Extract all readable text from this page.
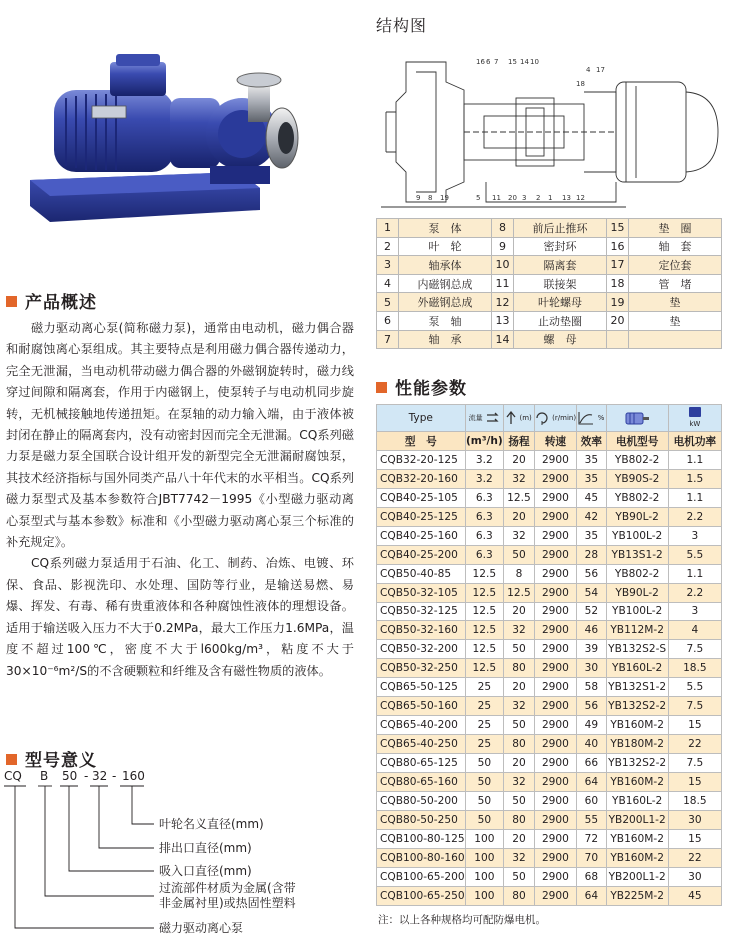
结构图
16 6 7 15 14 10
4 17
18
9 8 19	5 11 20 3 2 1 13 12
1	泵　体	8	前后止推环	15	垫　圈
2	叶　轮	9	密封环	16	轴　套
3	轴承体	10	隔离套	17	定位套
4	内磁钢总成	11	联接架	18	管　堵
5	外磁钢总成	12	叶轮螺母	19	垫
6	泵　轴	13	止动垫圈	20	垫
7	轴　承	14	螺　母		
产品概述

磁力驱动离心泵(简称磁力泵)，通常由电动机，磁力偶合器和耐腐蚀离心泵组成。其主要特点是利用磁力偶合器传递动力，完全无泄漏，当电动机带动磁力偶合器的外磁钢旋转时，磁力线穿过间隙和隔离套，作用于内磁钢上，使泵转子与电动机同步旋转，无机械接触地传递扭矩。在泵轴的动力输入端，由于液体被封闭在静止的隔离套内，没有动密封因而完全无泄漏。CQ系列磁力泵是磁力泵全国联合设计组开发的新型完全无泄漏耐腐蚀泵，其技术经济指标与国外同类产品八十年代末的水平相当。CQ系列磁力泵型式及基本参数符合JBT7742－1995《小型磁力驱动离心泵型式与基本参数》标准和《小型磁力驱动离心泵三个标准的补充规定》。

CQ系列磁力泵适用于石油、化工、制药、冶炼、电镀、环保、食品、影视洗印、水处理、国防等行业，是输送易燃、易爆、挥发、有毒、稀有贵重液体和各种腐蚀性液体的理想设备。适用于输送吸入压力不大于0.2MPa，最大工作压力1.6MPa，温度不超过100℃，密度不大于l600kg/m³，粘度不大于30×10⁻⁶m²/S的不含硬颗粒和纤维及含有磁性物质的液体。

型号意义
CQ B 50 - 32 - 160
叶轮名义直径(mm)
排出口直径(mm)
吸入口直径(mm)
过流部件材质为金属(含带
非金属衬里)或热固性塑料
磁力驱动离心泵
性能参数
Type	流量	(m)	(r/min)	%		kW
型　号	(m³/h)	扬程	转速	效率	电机型号	电机功率
CQB32-20-125	3.2	20	2900	35	YB802-2	1.1
CQB32-20-160	3.2	32	2900	35	YB90S-2	1.5
CQB40-25-105	6.3	12.5	2900	45	YB802-2	1.1
CQB40-25-125	6.3	20	2900	42	YB90L-2	2.2
CQB40-25-160	6.3	32	2900	35	YB100L-2	3
CQB40-25-200	6.3	50	2900	28	YB13S1-2	5.5
CQB50-40-85	12.5	8	2900	56	YB802-2	1.1
CQB50-32-105	12.5	12.5	2900	54	YB90L-2	2.2
CQB50-32-125	12.5	20	2900	52	YB100L-2	3
CQB50-32-160	12.5	32	2900	46	YB112M-2	4
CQB50-32-200	12.5	50	2900	39	YB132S2-S	7.5
CQB50-32-250	12.5	80	2900	30	YB160L-2	18.5
CQB65-50-125	25	20	2900	58	YB132S1-2	5.5
CQB65-50-160	25	32	2900	56	YB132S2-2	7.5
CQB65-40-200	25	50	2900	49	YB160M-2	15
CQB65-40-250	25	80	2900	40	YB180M-2	22
CQB80-65-125	50	20	2900	66	YB132S2-2	7.5
CQB80-65-160	50	32	2900	64	YB160M-2	15
CQB80-50-200	50	50	2900	60	YB160L-2	18.5
CQB80-50-250	50	80	2900	55	YB200L1-2	30
CQB100-80-125	100	20	2900	72	YB160M-2	15
CQB100-80-160	100	32	2900	70	YB160M-2	22
CQB100-65-200	100	50	2900	68	YB200L1-2	30
CQB100-65-250	100	80	2900	64	YB225M-2	45
注：以上各种规格均可配防爆电机。
